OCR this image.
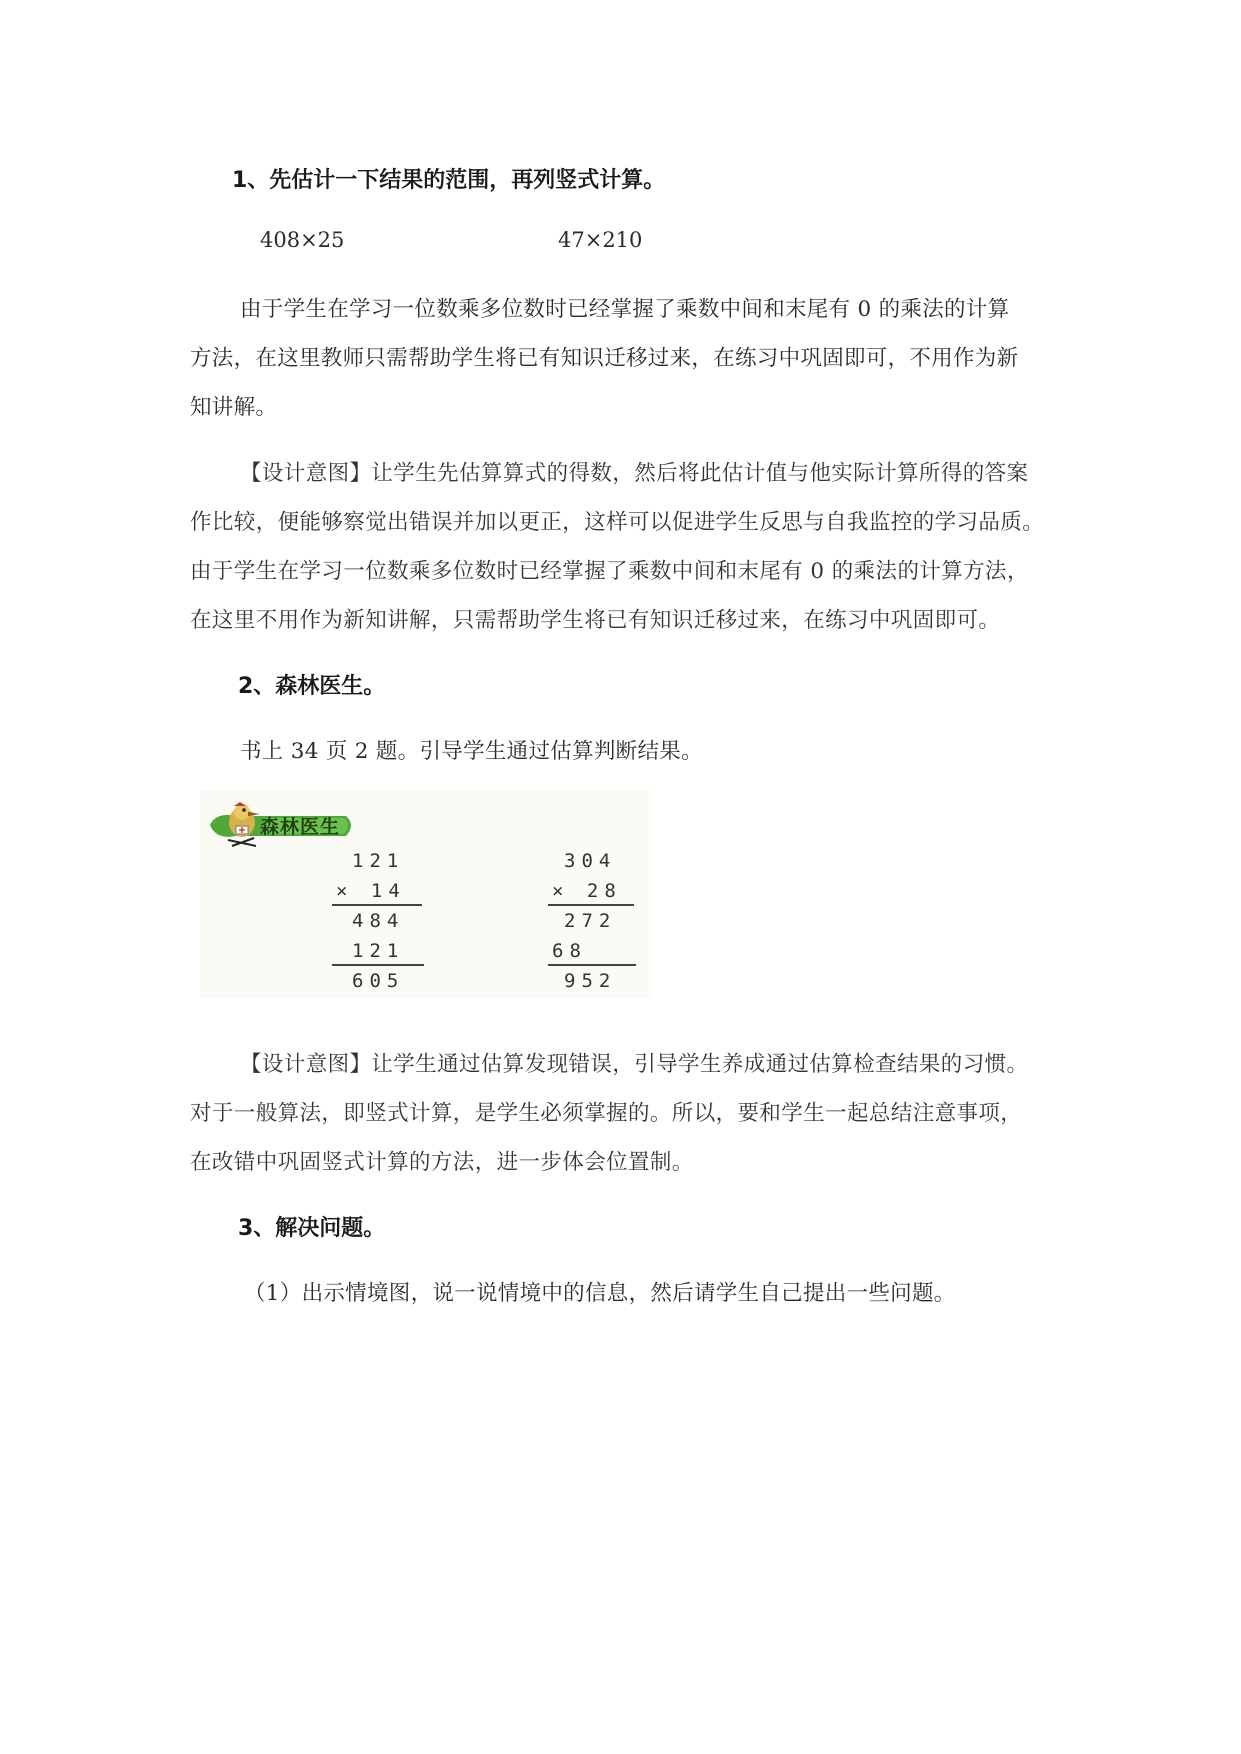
1、先估计一下结果的范围，再列竖式计算。
408×25	47×210
由于学生在学习一位数乘多位数时已经掌握了乘数中间和末尾有 0 的乘法的计算
方法，在这里教师只需帮助学生将已有知识迁移过来，在练习中巩固即可，不用作为新
知讲解。
【设计意图】让学生先估算算式的得数，然后将此估计值与他实际计算所得的答案
作比较，便能够察觉出错误并加以更正，这样可以促进学生反思与自我监控的学习品质。
由于学生在学习一位数乘多位数时已经掌握了乘数中间和末尾有 0 的乘法的计算方法，
在这里不用作为新知讲解，只需帮助学生将已有知识迁移过来，在练习中巩固即可。
2、森林医生。
书上 34 页 2 题。引导学生通过估算判断结果。
森林医生
121
× 14
484
121
605
304
× 28
272
68
952
【设计意图】让学生通过估算发现错误，引导学生养成通过估算检查结果的习惯。
对于一般算法，即竖式计算，是学生必须掌握的。所以，要和学生一起总结注意事项，
在改错中巩固竖式计算的方法，进一步体会位置制。
3、解决问题。
（1）出示情境图，说一说情境中的信息，然后请学生自己提出一些问题。
